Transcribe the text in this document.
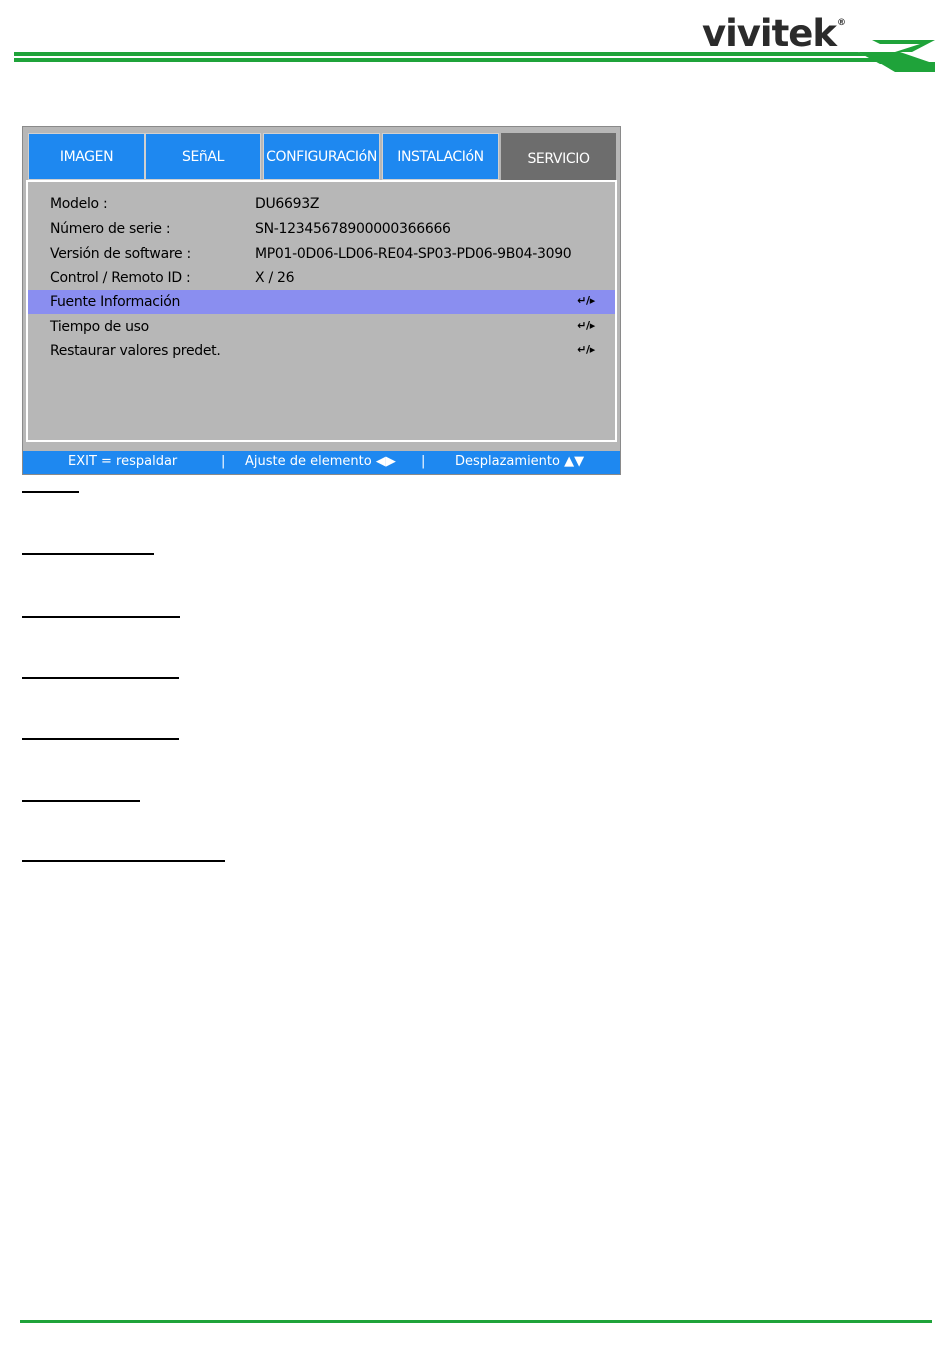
vivitek ®
IMAGEN	SEñAL	CONFIGURACIóN	INSTALACIóN	SERVICIO
Modelo :	DU6693Z
Número de serie :	SN-12345678900000366666
Versión de software :	MP01-0D06-LD06-RE04-SP03-PD06-9B04-3090
Control / Remoto ID :	X / 26
Fuente Información	↵/▸
Tiempo de uso	↵/▸
Restaurar valores predet.	↵/▸
EXIT = respaldar	| Ajuste de elemento ◀▶ | Desplazamiento ▲▼
